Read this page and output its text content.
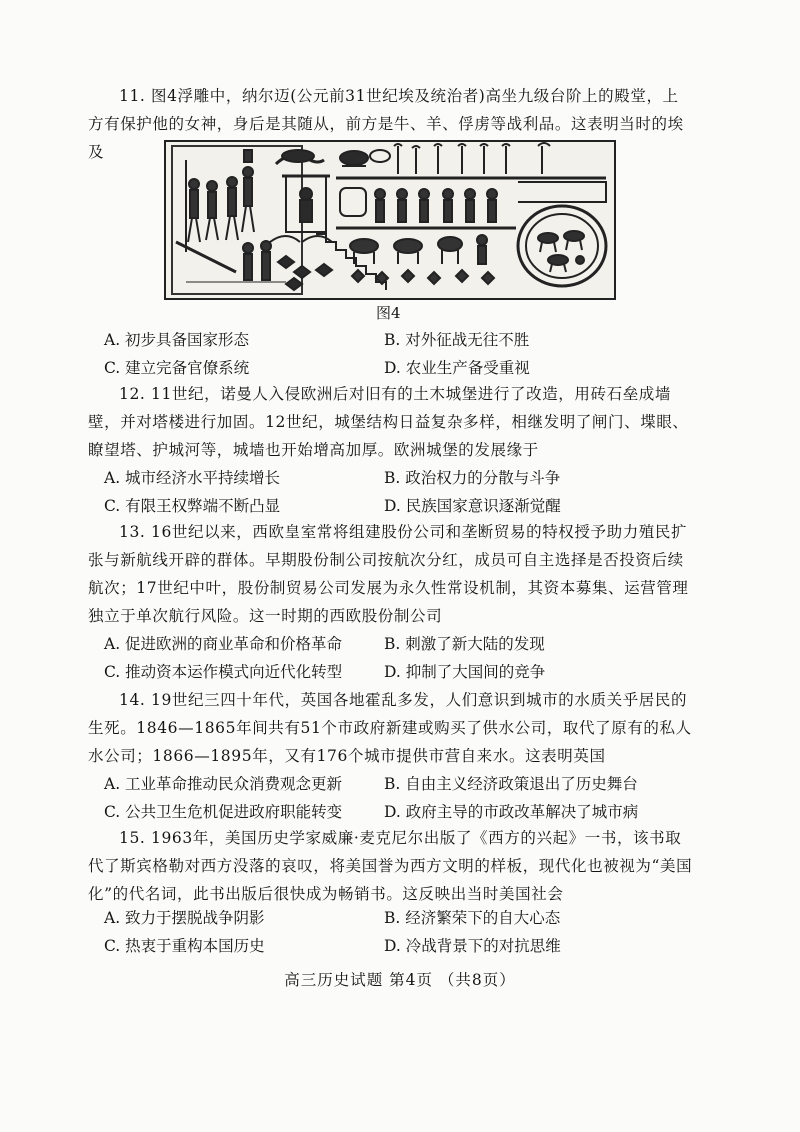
11. 图4浮雕中，纳尔迈(公元前31世纪埃及统治者)高坐九级台阶上的殿堂，上方有保护他的女神，身后是其随从，前方是牛、羊、俘虏等战利品。这表明当时的埃及

图4
A. 初步具备国家形态	B. 对外征战无往不胜
C. 建立完备官僚系统	D. 农业生产备受重视

12. 11世纪，诺曼人入侵欧洲后对旧有的土木城堡进行了改造，用砖石垒成墙壁，并对塔楼进行加固。12世纪，城堡结构日益复杂多样，相继发明了闸门、堞眼、瞭望塔、护城河等，城墙也开始增高加厚。欧洲城堡的发展缘于

A. 城市经济水平持续增长	B. 政治权力的分散与斗争
C. 有限王权弊端不断凸显	D. 民族国家意识逐渐觉醒

13. 16世纪以来，西欧皇室常将组建股份公司和垄断贸易的特权授予助力殖民扩张与新航线开辟的群体。早期股份制公司按航次分红，成员可自主选择是否投资后续航次；17世纪中叶，股份制贸易公司发展为永久性常设机制，其资本募集、运营管理独立于单次航行风险。这一时期的西欧股份制公司

A. 促进欧洲的商业革命和价格革命	B. 刺激了新大陆的发现
C. 推动资本运作模式向近代化转型	D. 抑制了大国间的竞争

14. 19世纪三四十年代，英国各地霍乱多发，人们意识到城市的水质关乎居民的生死。1846—1865年间共有51个市政府新建或购买了供水公司，取代了原有的私人水公司；1866—1895年，又有176个城市提供市营自来水。这表明英国

A. 工业革命推动民众消费观念更新	B. 自由主义经济政策退出了历史舞台
C. 公共卫生危机促进政府职能转变	D. 政府主导的市政改革解决了城市病

15. 1963年，美国历史学家威廉·麦克尼尔出版了《西方的兴起》一书，该书取代了斯宾格勒对西方没落的哀叹，将美国誉为西方文明的样板，现代化也被视为“美国化”的代名词，此书出版后很快成为畅销书。这反映出当时美国社会

A. 致力于摆脱战争阴影	B. 经济繁荣下的自大心态
C. 热衷于重构本国历史	D. 冷战背景下的对抗思维
高三历史试题 第4页 （共8页）
